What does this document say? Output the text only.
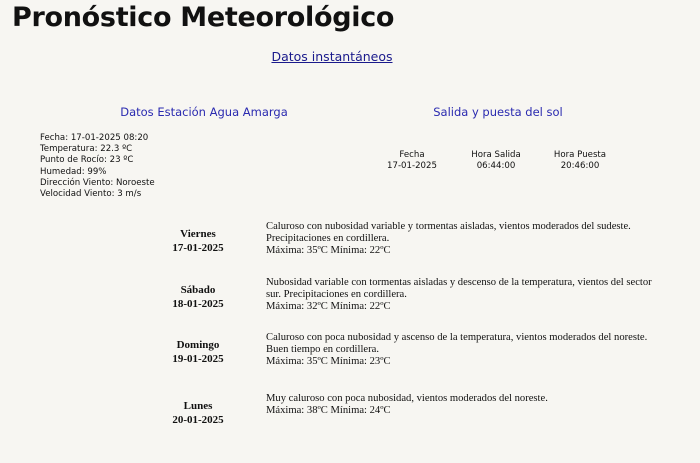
Pronóstico Meteorológico
Datos instantáneos
Datos Estación Agua Amarga	Salida y puesta del sol
Fecha: 17-01-2025 08:20
Temperatura: 22.3 ºC
Punto de Rocío: 23 ºC
Humedad: 99%
Dirección Viento: Noroeste
Velocidad Viento: 3 m/s
Fecha
17-01-2025
Hora Salida
06:44:00
Hora Puesta
20:46:00
Viernes
17-01-2025
Caluroso con nubosidad variable y tormentas aisladas, vientos moderados del sudeste. Precipitaciones en cordillera.
Máxima: 35ºC Mínima: 22ºC
Sábado
18-01-2025
Nubosidad variable con tormentas aisladas y descenso de la temperatura, vientos del sector sur. Precipitaciones en cordillera.
Máxima: 32ºC Mínima: 22ºC
Domingo
19-01-2025
Caluroso con poca nubosidad y ascenso de la temperatura, vientos moderados del noreste. Buen tiempo en cordillera.
Máxima: 35ºC Mínima: 23ºC
Lunes
20-01-2025
Muy caluroso con poca nubosidad, vientos moderados del noreste.
Máxima: 38ºC Mínima: 24ºC
